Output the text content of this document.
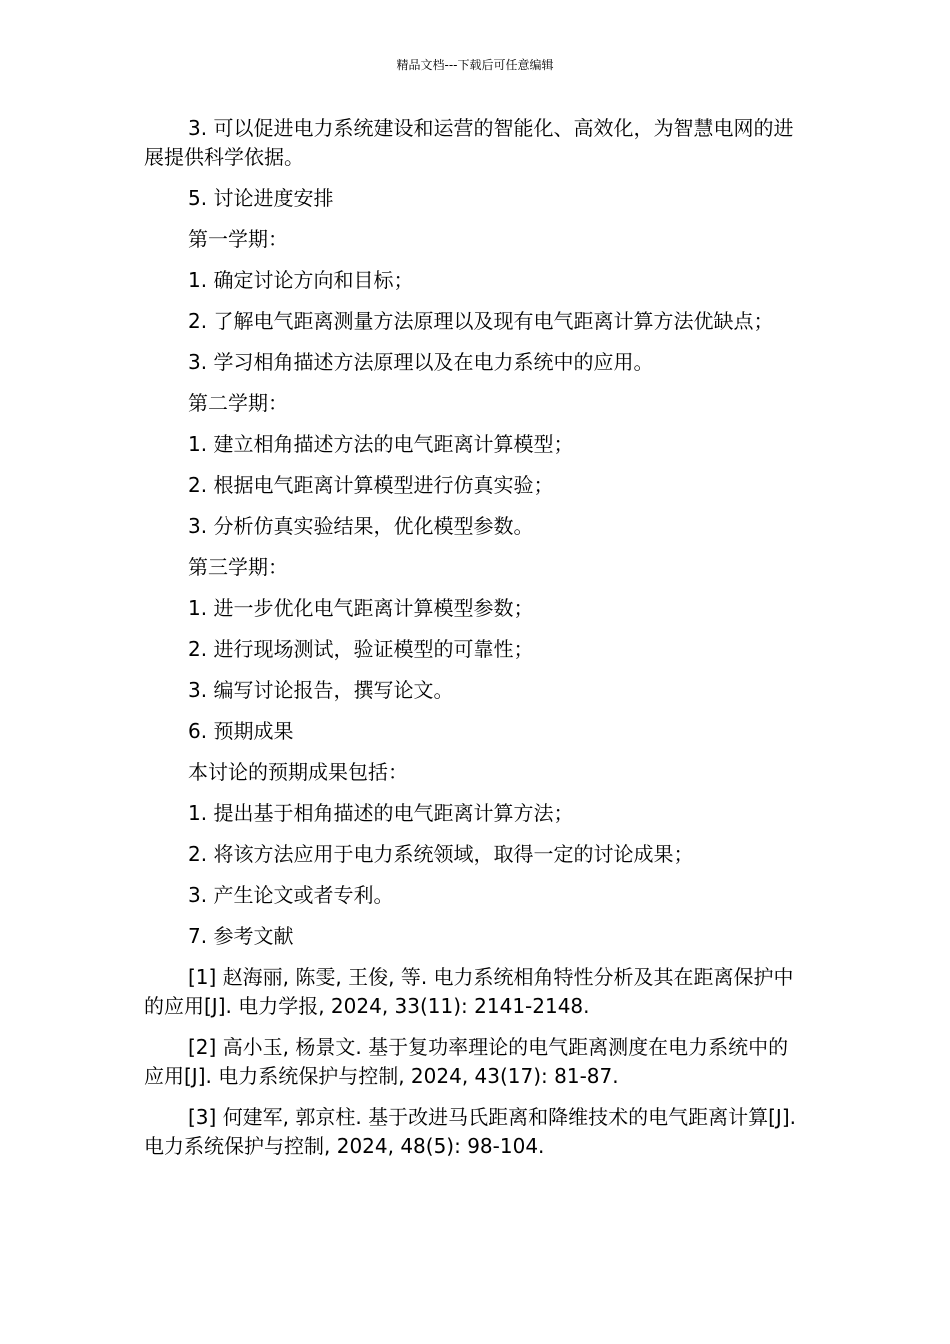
精品文档---下载后可任意编辑

3. 可以促进电力系统建设和运营的智能化、高效化，为智慧电网的进展提供科学依据。

5. 讨论进度安排

第一学期：

1. 确定讨论方向和目标；

2. 了解电气距离测量方法原理以及现有电气距离计算方法优缺点；

3. 学习相角描述方法原理以及在电力系统中的应用。

第二学期：

1. 建立相角描述方法的电气距离计算模型；

2. 根据电气距离计算模型进行仿真实验；

3. 分析仿真实验结果，优化模型参数。

第三学期：

1. 进一步优化电气距离计算模型参数；

2. 进行现场测试，验证模型的可靠性；

3. 编写讨论报告，撰写论文。

6. 预期成果

本讨论的预期成果包括：

1. 提出基于相角描述的电气距离计算方法；

2. 将该方法应用于电力系统领域，取得一定的讨论成果；

3. 产生论文或者专利。

7. 参考文献

[1] 赵海丽, 陈雯, 王俊, 等. 电力系统相角特性分析及其在距离保护中的应用[J]. 电力学报, 2024, 33(11): 2141-2148.

[2] 高小玉, 杨景文. 基于复功率理论的电气距离测度在电力系统中的应用[J]. 电力系统保护与控制, 2024, 43(17): 81-87.

[3] 何建军, 郭京柱. 基于改进马氏距离和降维技术的电气距离计算[J]. 电力系统保护与控制, 2024, 48(5): 98-104.
